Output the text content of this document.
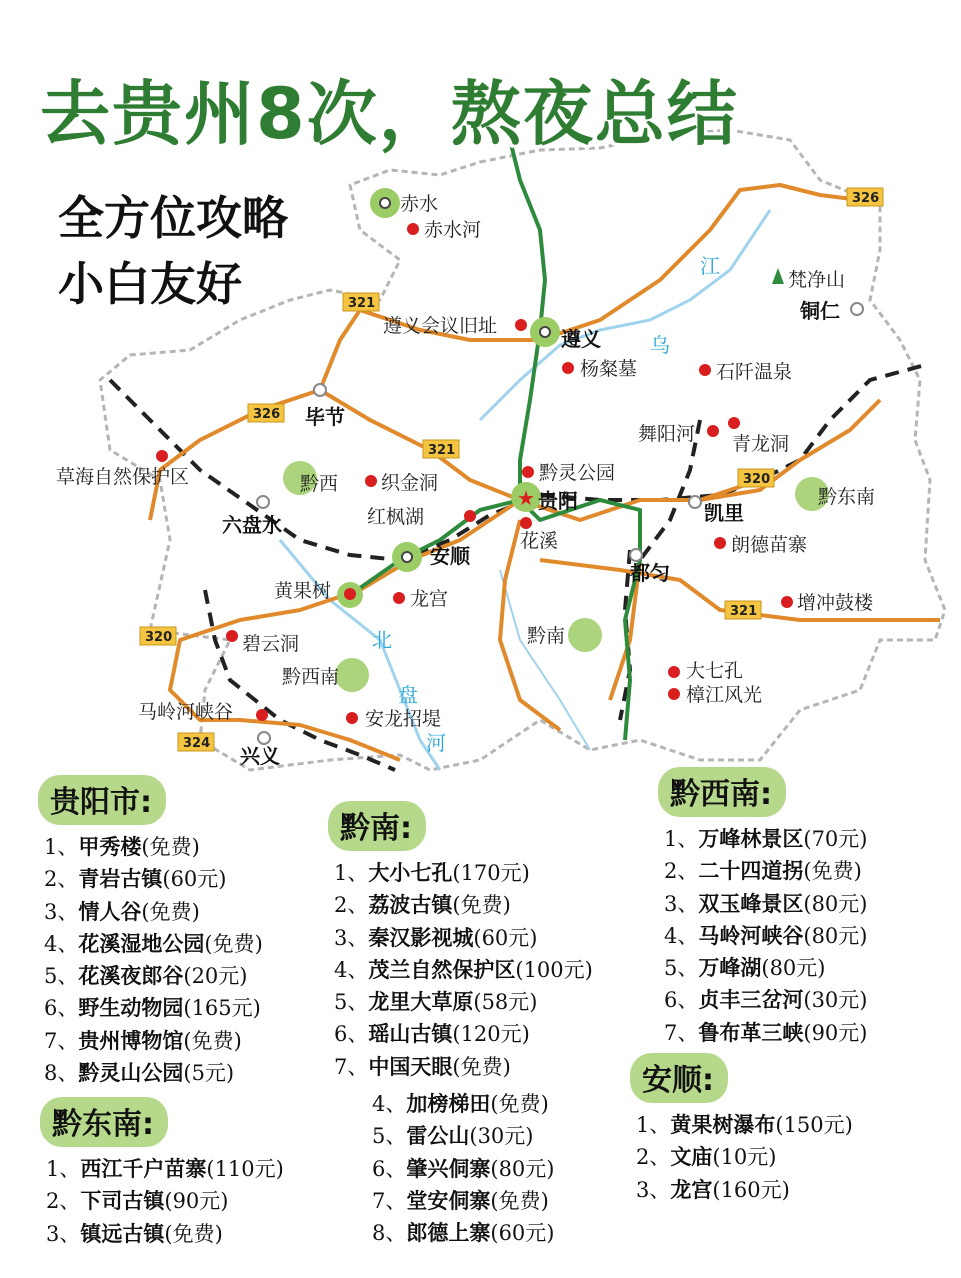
★
326
321
326
321
320
321
320
324
江
乌
北
盘
河
赤水
遵义
铜仁
毕节
贵阳	凯里
六盘水
安顺
都匀
兴义
黔西
黔东南
黔南
黔西南
赤水河
遵义会议旧址
梵净山
杨粲墓	石阡温泉
舞阳河 青龙洞
草海自然保护区	织金洞	黔灵公园
红枫湖
花溪	朗德苗寨
黄果树	龙宫	增冲鼓楼
碧云洞
大七孔
樟江风光
马岭河峡谷	安龙招堤
去贵州8次，熬夜总结
全方位攻略
小白友好
贵阳市:
1、甲秀楼(免费)
2、青岩古镇(60元)
3、情人谷(免费)
4、花溪湿地公园(免费)
5、花溪夜郎谷(20元)
6、野生动物园(165元)
7、贵州博物馆(免费)
8、黔灵山公园(5元)
黔南:
1、大小七孔(170元)
2、荔波古镇(免费)
3、秦汉影视城(60元)
4、茂兰自然保护区(100元)
5、龙里大草原(58元)
6、瑶山古镇(120元)
7、中国天眼(免费)
黔西南:
1、万峰林景区(70元)
2、二十四道拐(免费)
3、双玉峰景区(80元)
4、马岭河峡谷(80元)
5、万峰湖(80元)
6、贞丰三岔河(30元)
7、鲁布革三峡(90元)
黔东南:
1、西江千户苗寨(110元)
2、下司古镇(90元)
3、镇远古镇(免费)
4、加榜梯田(免费)
5、雷公山(30元)
6、肇兴侗寨(80元)
7、堂安侗寨(免费)
8、郎德上寨(60元)
安顺:
1、黄果树瀑布(150元)
2、文庙(10元)
3、龙宫(160元)
